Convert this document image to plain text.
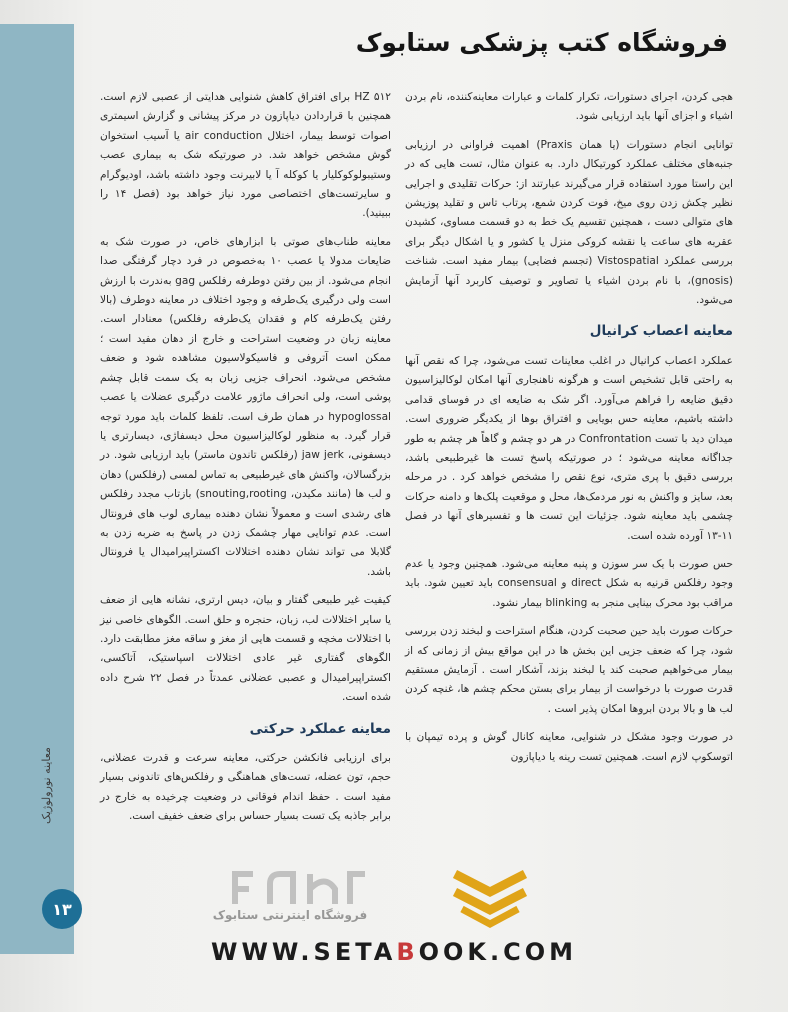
معاینه نورولوژیک
١٣
فروشگاه کتب پزشکی ستابوک

هجی کردن، اجرای دستورات، تکرار کلمات و عبارات معاینه‌کننده، نام بردن اشیاء و اجزای آنها باید ارزیابی شود.

توانایی انجام دستورات (یا همان Praxis) اهمیت فراوانی در ارزیابی جنبه‌های مختلف عملکرد کورتیکال دارد. به عنوان مثال، تست هایی که در این راستا مورد استفاده قرار می‌گیرند عبارتند از: حرکات تقلیدی و اجرایی نظیر چکش زدن روی میخ، فوت کردن شمع، پرتاب تاس و تقلید پوزیشن های متوالی دست ، همچنین تقسیم یک خط به دو قسمت مساوی، کشیدن عقربه های ساعت یا نقشه کروکی منزل یا کشور و یا اشکال دیگر برای بررسی عملکرد Vistospatial (تجسم فضایی) بیمار مفید است. شناخت (gnosis)، با نام بردن اشیاء یا تصاویر و توصیف کاربرد آنها آزمایش می‌شود.

معاینه اعصاب کرانیال

عملکرد اعصاب کرانیال در اغلب معاینات تست می‌شود، چرا که نقص آنها به راحتی قابل تشخیص است و هرگونه ناهنجاری آنها امکان لوکالیزاسیون دقیق ضایعه را فراهم می‌آورد. اگر شک به ضایعه ای در فوسای قدامی داشته باشیم، معاینه حس بویایی و افتراق بوها از یکدیگر ضروری است. میدان دید با تست Confrontation در هر دو چشم و گاهاً هر چشم به طور جداگانه معاینه می‌شود ؛ در صورتیکه پاسخ تست ها غیرطبیعی باشد، بررسی دقیق با پری متری، نوع نقص را مشخص خواهد کرد . در مرحله بعد، سایز و واکنش به نور مردمک‌ها، محل و موقعیت پلک‌ها و دامنه حرکات چشمی باید معاینه شود. جزئیات این تست ها و تفسیرهای آنها در فصل ۱۱-۱۳ آورده شده است.

حس صورت با یک سر سوزن و پنبه معاینه می‌شود. همچنین وجود یا عدم وجود رفلکس قرنیه به شکل direct و consensual باید تعیین شود. باید مراقب بود محرک بینایی منجر به blinking بیمار نشود.

حرکات صورت باید حین صحبت کردن، هنگام استراحت و لبخند زدن بررسی شود، چرا که ضعف جزیی این بخش ها در این مواقع بیش از زمانی که از بیمار می‌خواهیم صحبت کند یا لبخند بزند، آشکار است . آزمایش مستقیم قدرت صورت با درخواست از بیمار برای بستن محکم چشم ها، غنچه کردن لب ها و بالا بردن ابروها امکان پذیر است .

در صورت وجود مشکل در شنوایی، معاینه کانال گوش و پرده تیمپان با اتوسکوپ لازم است. همچنین تست رینه یا دیاپازون

HZ ۵۱۲ برای افتراق کاهش شنوایی هدایتی از عصبی لازم است. همچنین با قراردادن دیاپازون در مرکز پیشانی و گزارش اسیمتری اصوات توسط بیمار، اختلال air conduction یا آسیب استخوان گوش مشخص خواهد شد. در صورتیکه شک به بیماری عصب وستیبولوکوکلیار یا کوکله آ یا لابیرنت وجود داشته باشد، اودیوگرام و سایرتست‌های اختصاصی مورد نیاز خواهد بود (فصل ۱۴ را ببینید).

معاینه طناب‌های صوتی با ابزارهای خاص، در صورت شک به ضایعات مدولا یا عصب ۱۰ به‌خصوص در فرد دچار گرفتگی صدا انجام می‌شود. از بین رفتن دوطرفه رفلکس gag به‌ندرت با ارزش است ولی درگیری یک‌طرفه و وجود اختلاف در معاینه دوطرف (بالا رفتن یک‌طرفه کام و فقدان یک‌طرفه رفلکس) معنادار است. معاینه زبان در وضعیت استراحت و خارج از دهان مفید است ؛ممکن است آتروفی و فاسیکولاسیون مشاهده شود و ضعف مشخص می‌شود. انحراف جزیی زبان به یک سمت قابل چشم پوشی است، ولی انحراف ماژور علامت درگیری عضلات یا عصب hypoglossal در همان طرف است. تلفظ کلمات باید مورد توجه قرار گیرد. به منظور لوکالیزاسیون محل دیسفاژی، دیسارتری یا دیسفونی، jaw jerk (رفلکس تاندون ماستر) باید ارزیابی شود. در بزرگسالان، واکنش های غیرطبیعی به تماس لمسی (رفلکس) دهان و لب ها (مانند مکیدن، snouting,rooting) بازتاب مجدد رفلکس های رشدی است و معمولاً نشان دهنده بیماری لوب های فرونتال است. عدم توانایی مهار چشمک زدن در پاسخ به ضربه زدن به گلابلا می تواند نشان دهنده اختلالات اکستراپیرامیدال یا فرونتال باشد.

کیفیت غیر طبیعی گفتار و بیان، دیس ارتری، نشانه هایی از ضعف یا سایر اختلالات لب، زبان، حنجره و حلق است. الگوهای خاصی نیز با اختلالات مخچه و قسمت هایی از مغز و ساقه مغز مطابقت دارد. الگوهای گفتاری غیر عادی اختلالات اسپاستیک، آتاکسی، اکستراپیرامیدال و عصبی عضلانی عمدتاً در فصل ۲۲ شرح داده شده است.

معاینه عملکرد حرکتی

برای ارزیابی فانکشن حرکتی، معاینه سرعت و قدرت عضلانی، حجم، تون عضله، تست‌های هماهنگی و رفلکس‌های تاندونی بسیار مفید است . حفظ اندام فوقانی در وضعیت چرخیده به خارج در برابر جاذبه یک تست بسیار حساس برای ضعف خفیف است.

فروشگاه اینترنتی ستابوک
WWW.SETABOOK.COM
